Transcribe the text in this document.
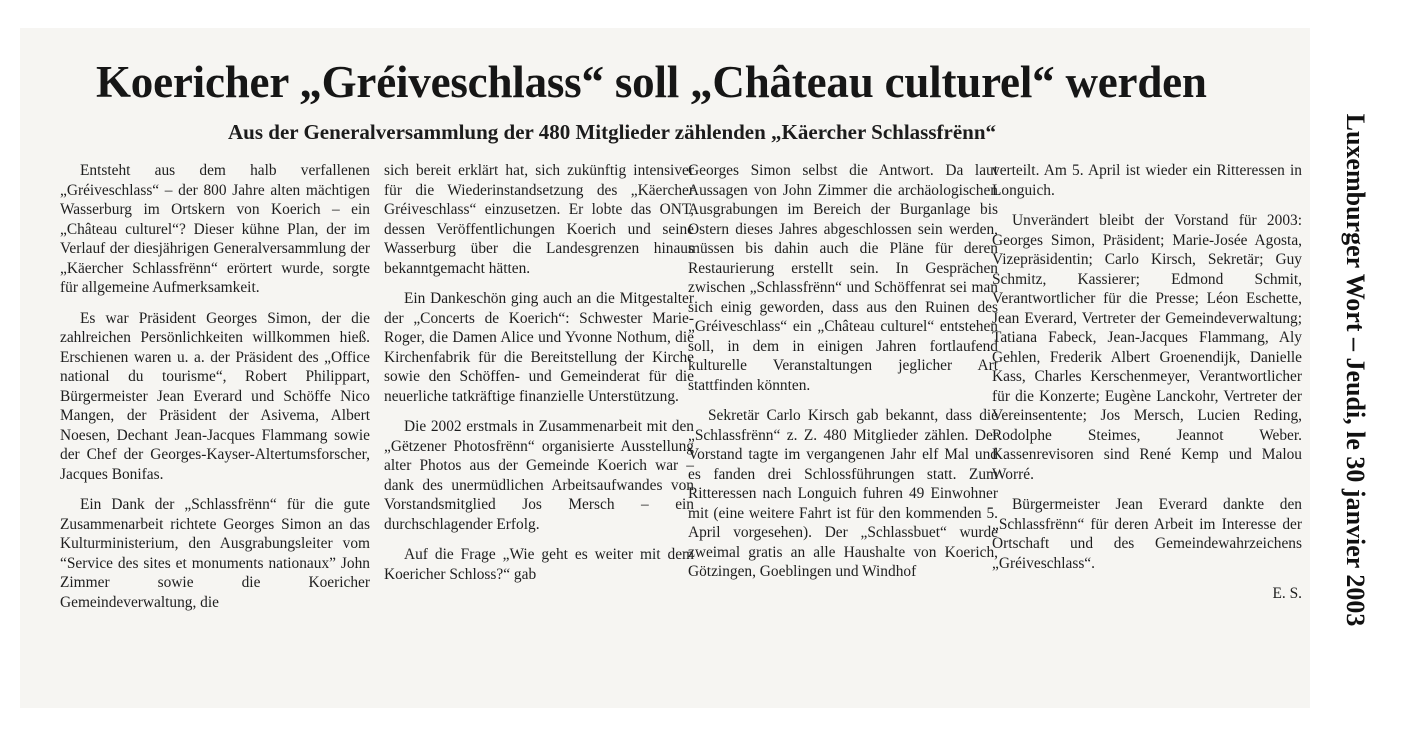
Koericher „Gréiveschlass“ soll „Château culturel“ werden
Aus der Generalversammlung der 480 Mitglieder zählenden „Käercher Schlassfrënn“

Entsteht aus dem halb verfallenen „Gréiveschlass“ – der 800 Jahre alten mächtigen Wasserburg im Ortskern von Koerich – ein „Château culturel“? Dieser kühne Plan, der im Verlauf der diesjährigen Generalversammlung der „Käercher Schlassfrënn“ erörtert wurde, sorgte für allgemeine Aufmerksamkeit.

Es war Präsident Georges Simon, der die zahlreichen Persönlichkeiten willkommen hieß. Erschienen waren u. a. der Präsident des „Office national du tourisme“, Robert Philippart, Bürgermeister Jean Everard und Schöffe Nico Mangen, der Präsident der Asivema, Albert Noesen, Dechant Jean-Jacques Flammang sowie der Chef der Georges-Kayser-Altertumsforscher, Jacques Bonifas.

Ein Dank der „Schlassfrënn“ für die gute Zusammenarbeit richtete Georges Simon an das Kulturministerium, den Ausgrabungsleiter vom “Service des sites et monuments nationaux” John Zimmer sowie die Koericher Gemeindeverwaltung, die

sich bereit erklärt hat, sich zukünftig intensiver für die Wiederinstandsetzung des „Käercher Gréiveschlass“ einzusetzen. Er lobte das ONT, dessen Veröffentlichungen Koerich und seine Wasserburg über die Landesgrenzen hinaus bekanntgemacht hätten.

Ein Dankeschön ging auch an die Mitgestalter der „Concerts de Koerich“: Schwester Marie-Roger, die Damen Alice und Yvonne Nothum, die Kirchenfabrik für die Bereitstellung der Kirche sowie den Schöffen- und Gemeinderat für die neuerliche tatkräftige finanzielle Unterstützung.

Die 2002 erstmals in Zusammenarbeit mit den „Gëtzener Photosfrënn“ organisierte Ausstellung alter Photos aus der Gemeinde Koerich war – dank des unermüdlichen Arbeitsaufwandes von Vorstandsmitglied Jos Mersch – ein durchschlagender Erfolg.

Auf die Frage „Wie geht es weiter mit dem Koericher Schloss?“ gab

Georges Simon selbst die Antwort. Da laut Aussagen von John Zimmer die archäologischen Ausgrabungen im Bereich der Burganlage bis Ostern dieses Jahres abgeschlossen sein werden, müssen bis dahin auch die Pläne für deren Restaurierung erstellt sein. In Gesprächen zwischen „Schlassfrënn“ und Schöffenrat sei man sich einig geworden, dass aus den Ruinen des „Gréiveschlass“ ein „Château culturel“ entstehen soll, in dem in einigen Jahren fortlaufend kulturelle Veranstaltungen jeglicher Art stattfinden könnten.

Sekretär Carlo Kirsch gab bekannt, dass die „Schlassfrënn“ z. Z. 480 Mitglieder zählen. Der Vorstand tagte im vergangenen Jahr elf Mal und es fanden drei Schlossführungen statt. Zum Ritteressen nach Longuich fuhren 49 Einwohner mit (eine weitere Fahrt ist für den kommenden 5. April vorgesehen). Der „Schlassbuet“ wurde zweimal gratis an alle Haushalte von Koerich, Götzingen, Goeblingen und Windhof

verteilt. Am 5. April ist wieder ein Ritteressen in Longuich.

Unverändert bleibt der Vorstand für 2003: Georges Simon, Präsident; Marie-Josée Agosta, Vizepräsidentin; Carlo Kirsch, Sekretär; Guy Schmitz, Kassierer; Edmond Schmit, Verantwortlicher für die Presse; Léon Eschette, Jean Everard, Vertreter der Gemeindeverwaltung; Tatiana Fabeck, Jean-Jacques Flammang, Aly Gehlen, Frederik Albert Groenendijk, Danielle Kass, Charles Kerschenmeyer, Verantwortlicher für die Konzerte; Eugène Lanckohr, Vertreter der Vereinsentente; Jos Mersch, Lucien Reding, Rodolphe Steimes, Jeannot Weber. Kassenrevisoren sind René Kemp und Malou Worré.

Bürgermeister Jean Everard dankte den „Schlassfrënn“ für deren Arbeit im Interesse der Ortschaft und des Gemeindewahrzeichens „Gréiveschlass“.

E. S. Luxemburger Wort – Jeudi, le 30 janvier 2003
